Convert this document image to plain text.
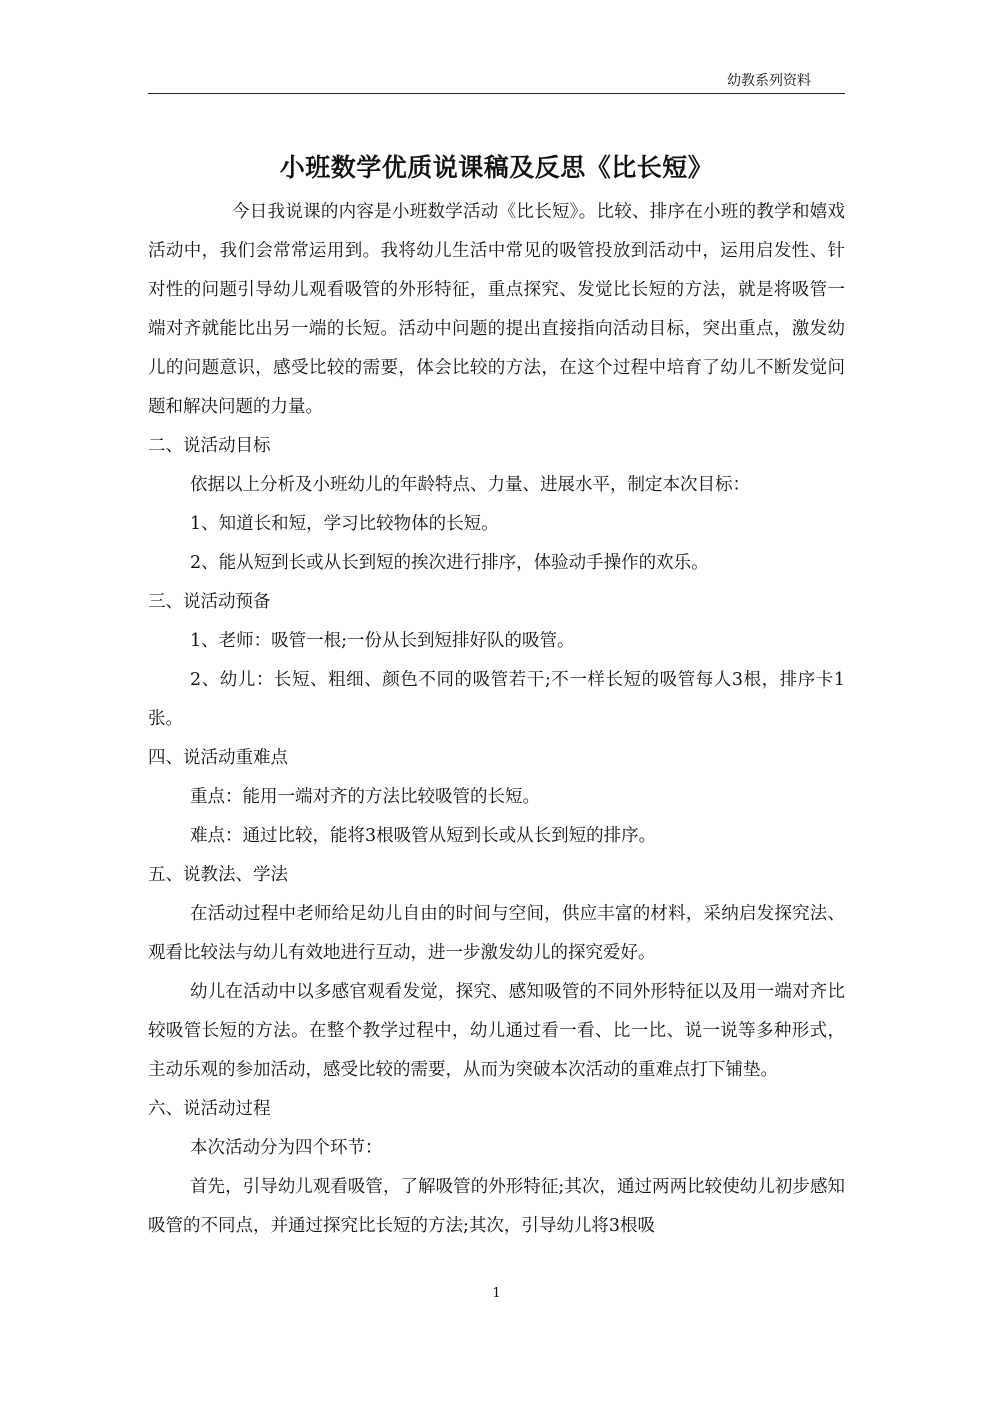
幼教系列资料
小班数学优质说课稿及反思《比长短》

今日我说课的内容是小班数学活动《比长短》。比较、排序在小班的教学和嬉戏活动中，我们会常常运用到。我将幼儿生活中常见的吸管投放到活动中，运用启发性、针对性的问题引导幼儿观看吸管的外形特征，重点探究、发觉比长短的方法，就是将吸管一端对齐就能比出另一端的长短。活动中问题的提出直接指向活动目标，突出重点，激发幼儿的问题意识，感受比较的需要，体会比较的方法，在这个过程中培育了幼儿不断发觉问题和解决问题的力量。

二、说活动目标

依据以上分析及小班幼儿的年龄特点、力量、进展水平，制定本次目标：

1、知道长和短，学习比较物体的长短。

2、能从短到长或从长到短的挨次进行排序，体验动手操作的欢乐。

三、说活动预备

1、老师：吸管一根;一份从长到短排好队的吸管。

2、幼儿：长短、粗细、颜色不同的吸管若干;不一样长短的吸管每人3根，排序卡1张。

四、说活动重难点

重点：能用一端对齐的方法比较吸管的长短。

难点：通过比较，能将3根吸管从短到长或从长到短的排序。

五、说教法、学法

在活动过程中老师给足幼儿自由的时间与空间，供应丰富的材料，采纳启发探究法、观看比较法与幼儿有效地进行互动，进一步激发幼儿的探究爱好。

幼儿在活动中以多感官观看发觉，探究、感知吸管的不同外形特征以及用一端对齐比较吸管长短的方法。在整个教学过程中，幼儿通过看一看、比一比、说一说等多种形式，主动乐观的参加活动，感受比较的需要，从而为突破本次活动的重难点打下铺垫。

六、说活动过程

本次活动分为四个环节：

首先，引导幼儿观看吸管，了解吸管的外形特征;其次，通过两两比较使幼儿初步感知吸管的不同点，并通过探究比长短的方法;其次，引导幼儿将3根吸

1
